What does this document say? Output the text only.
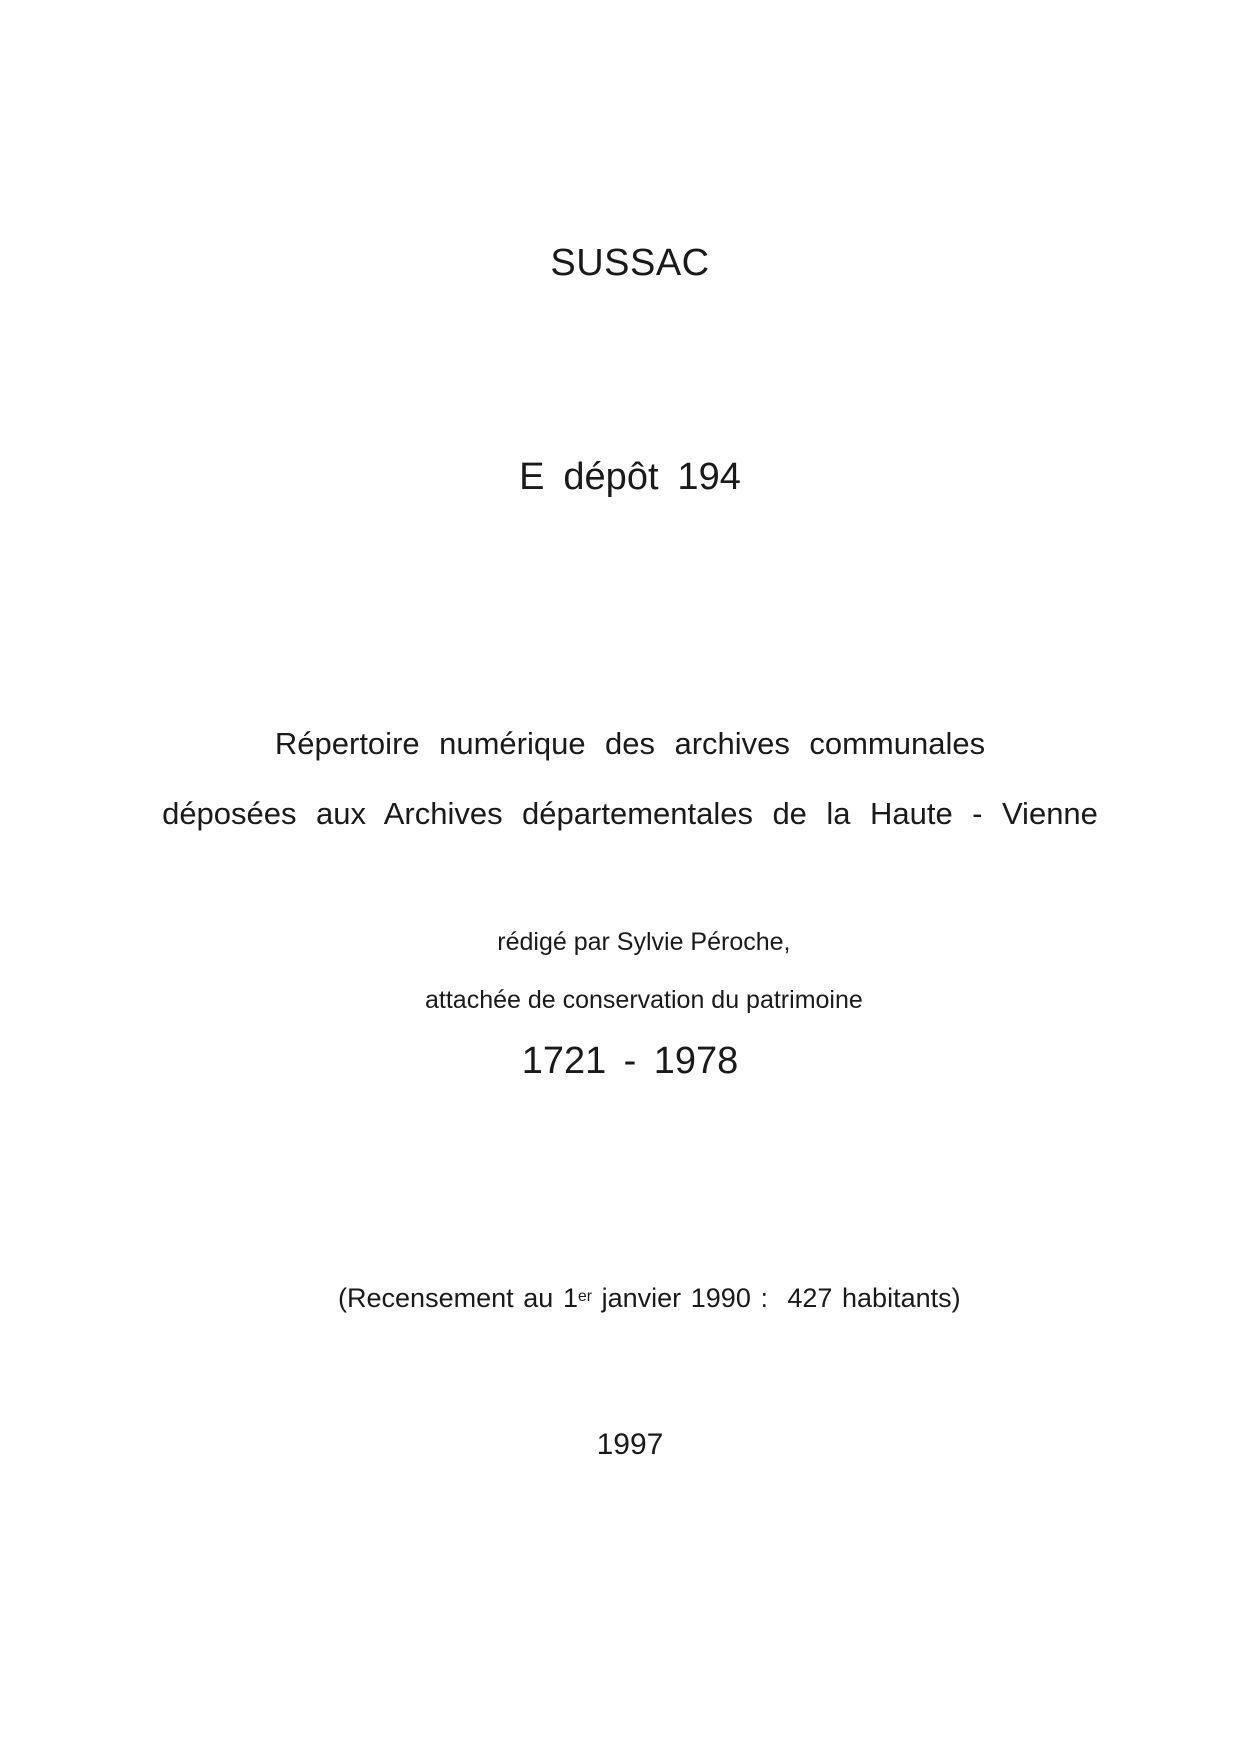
SUSSAC
E dépôt 194
Répertoire numérique des archives communales
déposées aux Archives départementales de la Haute - Vienne

rédigé par Sylvie Péroche,

attachée de conservation du patrimoine

1721 - 1978

(Recensement au 1er janvier 1990 :  427 habitants)

1997
